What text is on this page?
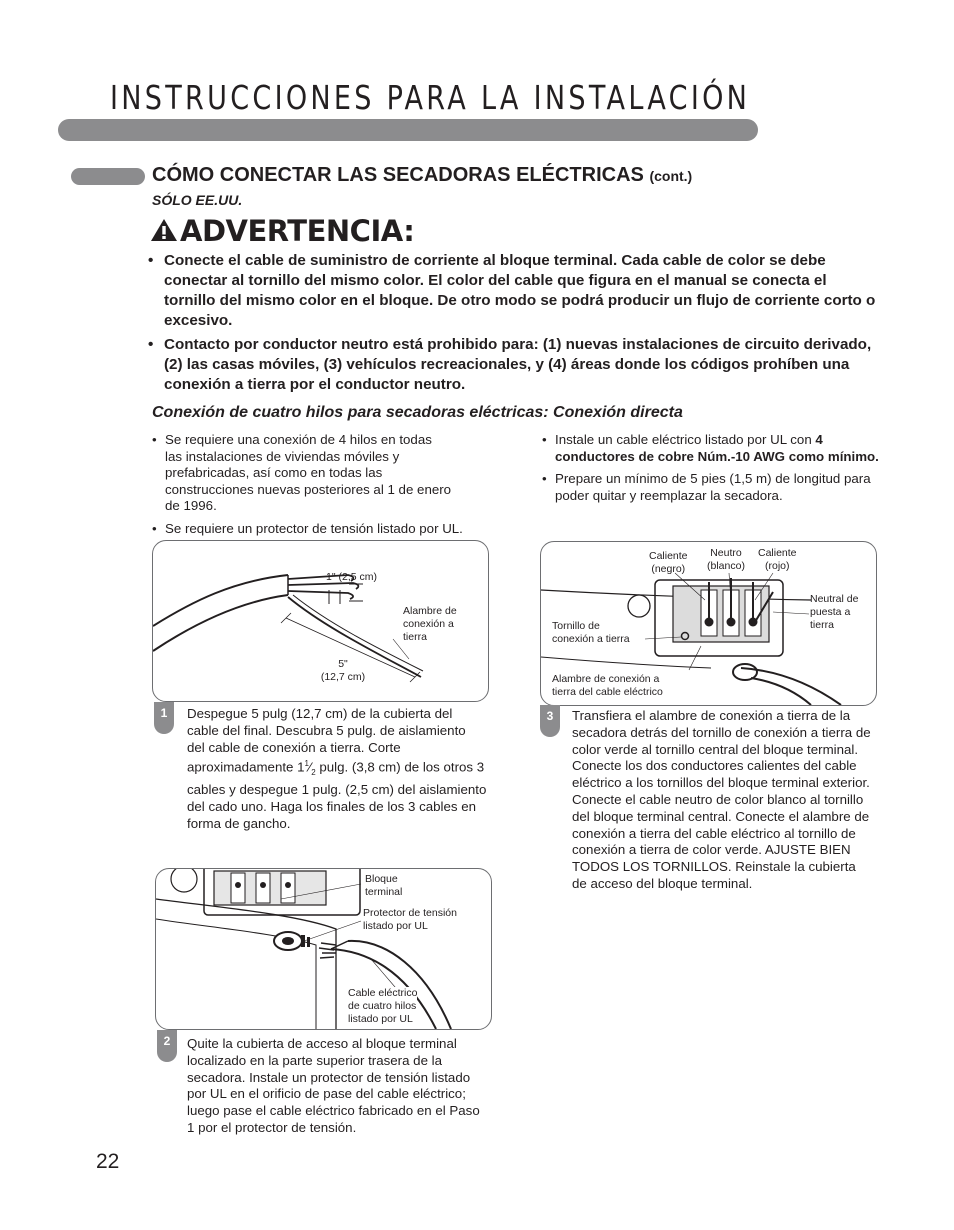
INSTRUCCIONES PARA LA INSTALACIÓN
CÓMO CONECTAR LAS SECADORAS ELÉCTRICAS (cont.)
SÓLO EE.UU.
ADVERTENCIA:
• Conecte el cable de suministro de corriente al bloque terminal. Cada cable de color se debe conectar al tornillo del mismo color. El color del cable que figura en el manual se conecta el tornillo del mismo color en el bloque. De otro modo se podrá producir un flujo de corriente corto o excesivo.
• Contacto por conductor neutro está prohibido para: (1) nuevas instalaciones de circuito derivado, (2) las casas móviles, (3) vehículos recreacionales, y (4) áreas donde los códigos prohíben una conexión a tierra por el conductor neutro.
Conexión de cuatro hilos para secadoras eléctricas: Conexión directa
• Se requiere una conexión de 4 hilos en todas las instalaciones de viviendas móviles y prefabricadas, así como en todas las construcciones nuevas posteriores al 1 de enero de 1996.
• Se requiere un protector de tensión listado por UL.
• Instale un cable eléctrico listado por UL con 4 conductores de cobre Núm.-10 AWG como mínimo.
• Prepare un mínimo de 5 pies (1,5 m) de longitud para poder quitar y reemplazar la secadora.
1" (2,5 cm)
Alambre de
conexión a
tierra
5"
(12,7 cm)
1	Despegue 5 pulg (12,7 cm) de la cubierta del cable del final. Descubra 5 pulg. de aislamiento del cable de conexión a tierra. Corte aproximadamente $1^1⁄_2$ pulg. (3,8 cm) de los otros 3 cables y despegue 1 pulg. (2,5 cm) del aislamiento del cado uno. Haga los finales de los 3 cables en forma de gancho.
Bloque
terminal
Protector de tensión
listado por UL
Cable eléctrico
de cuatro hilos
listado por UL
2	Quite la cubierta de acceso al bloque terminal localizado en la parte superior trasera de la secadora. Instale un protector de tensión listado por UL en el orificio de pase del cable eléctrico; luego pase el cable eléctrico fabricado en el Paso 1 por el protector de tensión.
Caliente
(negro)
Neutro
(blanco)
Caliente
(rojo)
Neutral de
puesta a
tierra
Tornillo de
conexión a tierra
Alambre de conexión a
tierra del cable eléctrico
3	Transfiera el alambre de conexión a tierra de la secadora detrás del tornillo de conexión a tierra de color verde al tornillo central del bloque terminal. Conecte los dos conductores calientes del cable eléctrico a los tornillos del bloque terminal exterior. Conecte el cable neutro de color blanco al tornillo del bloque terminal central. Conecte el alambre de conexión a tierra del cable eléctrico al tornillo de conexión a tierra de color verde. AJUSTE BIEN TODOS LOS TORNILLOS. Reinstale la cubierta de acceso del bloque terminal.
22
